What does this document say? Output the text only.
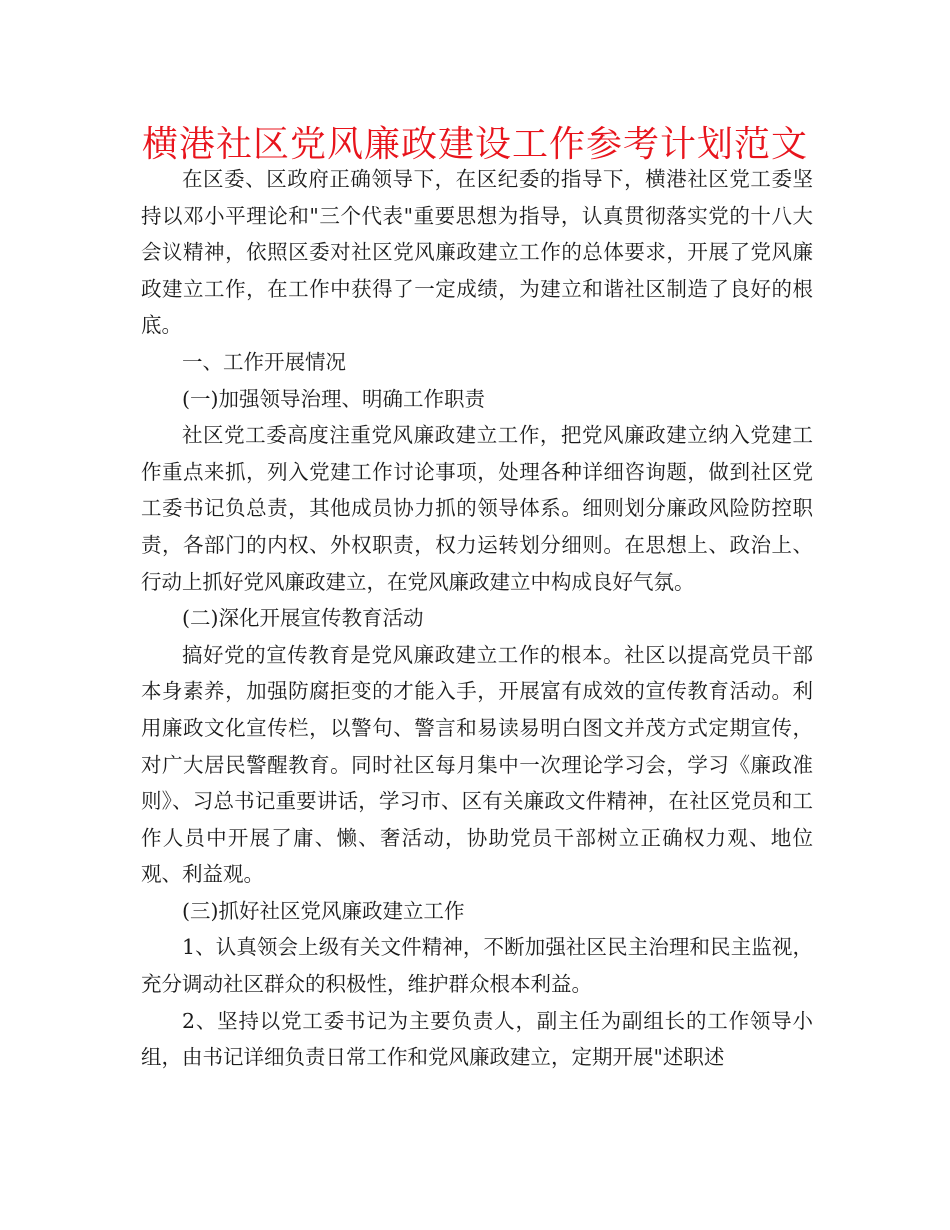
横港社区党风廉政建设工作参考计划范文

在区委、区政府正确领导下，在区纪委的指导下，横港社区党工委坚持以邓小平理论和"三个代表"重要思想为指导，认真贯彻落实党的十八大会议精神，依照区委对社区党风廉政建立工作的总体要求，开展了党风廉政建立工作，在工作中获得了一定成绩，为建立和谐社区制造了良好的根底。

一、工作开展情况

(一)加强领导治理、明确工作职责

社区党工委高度注重党风廉政建立工作，把党风廉政建立纳入党建工作重点来抓，列入党建工作讨论事项，处理各种详细咨询题，做到社区党工委书记负总责，其他成员协力抓的领导体系。细则划分廉政风险防控职责，各部门的内权、外权职责，权力运转划分细则。在思想上、政治上、行动上抓好党风廉政建立，在党风廉政建立中构成良好气氛。

(二)深化开展宣传教育活动

搞好党的宣传教育是党风廉政建立工作的根本。社区以提高党员干部本身素养，加强防腐拒变的才能入手，开展富有成效的宣传教育活动。利用廉政文化宣传栏，以警句、警言和易读易明白图文并茂方式定期宣传，对广大居民警醒教育。同时社区每月集中一次理论学习会，学习《廉政准则》、习总书记重要讲话，学习市、区有关廉政文件精神，在社区党员和工作人员中开展了庸、懒、奢活动，协助党员干部树立正确权力观、地位观、利益观。

(三)抓好社区党风廉政建立工作

1、认真领会上级有关文件精神，不断加强社区民主治理和民主监视，充分调动社区群众的积极性，维护群众根本利益。

2、坚持以党工委书记为主要负责人，副主任为副组长的工作领导小组，由书记详细负责日常工作和党风廉政建立，定期开展"述职述
